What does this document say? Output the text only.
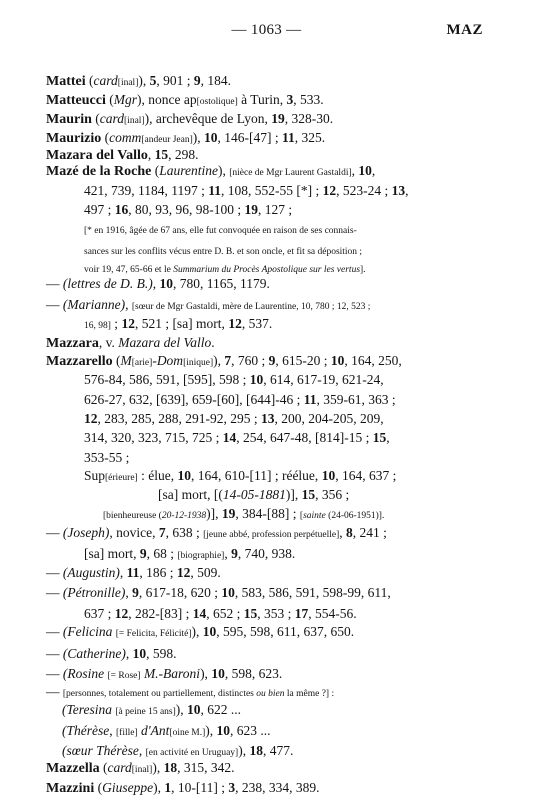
— 1063 —	MAZ
Mattei (card[inal]), 5, 901 ; 9, 184.
Matteucci (Mgr), nonce ap[ostolique] à Turin, 3, 533.
Maurin (card[inal]), archevêque de Lyon, 19, 328-30.
Maurizio (comm[andeur Jean]), 10, 146-[47] ; 11, 325.
Mazara del Vallo, 15, 298.
Mazé de la Roche (Laurentine), [nièce de Mgr Laurent Gastaldi], 10,
421, 739, 1184, 1197 ; 11, 108, 552-55 [*] ; 12, 523-24 ; 13,
497 ; 16, 80, 93, 96, 98-100 ; 19, 127 ;
[* en 1916, âgée de 67 ans, elle fut convoquée en raison de ses connais-
sances sur les conflits vécus entre D. B. et son oncle, et fit sa déposition ;
voir 19, 47, 65-66 et le Summarium du Procès Apostolique sur les vertus].
— (lettres de D. B.), 10, 780, 1165, 1179.
— (Marianne), [sœur de Mgr Gastaldi, mère de Laurentine, 10, 780 ; 12, 523 ;
16, 98] ; 12, 521 ; [sa] mort, 12, 537.
Mazzara, v. Mazara del Vallo.
Mazzarello (M[arie]-Dom[inique]), 7, 760 ; 9, 615-20 ; 10, 164, 250,
576-84, 586, 591, [595], 598 ; 10, 614, 617-19, 621-24,
626-27, 632, [639], 659-[60], [644]-46 ; 11, 359-61, 363 ;
12, 283, 285, 288, 291-92, 295 ; 13, 200, 204-205, 209,
314, 320, 323, 715, 725 ; 14, 254, 647-48, [814]-15 ; 15,
353-55 ;
Sup[érieure] : élue, 10, 164, 610-[11] ; réélue, 10, 164, 637 ;
[sa] mort, [(14-05-1881)], 15, 356 ;
[bienheureuse (20-12-1938)], 19, 384-[88] ; [sainte (24-06-1951)].
— (Joseph), novice, 7, 638 ; [jeune abbé, profession perpétuelle], 8, 241 ;
[sa] mort, 9, 68 ; [biographie], 9, 740, 938.
— (Augustin), 11, 186 ; 12, 509.
— (Pétronille), 9, 617-18, 620 ; 10, 583, 586, 591, 598-99, 611,
637 ; 12, 282-[83] ; 14, 652 ; 15, 353 ; 17, 554-56.
— (Felicina [= Felicita, Félicité]), 10, 595, 598, 611, 637, 650.
— (Catherine), 10, 598.
— (Rosine [= Rose] M.-Baroni), 10, 598, 623.
— [personnes, totalement ou partiellement, distinctes ou bien la même ?] :
(Teresina [à peine 15 ans]), 10, 622 ...
(Thérèse, [fille] d'Ant[oine M.]), 10, 623 ...
(sœur Thérèse, [en activité en Uruguay]), 18, 477.
Mazzella (card[inal]), 18, 315, 342.
Mazzini (Giuseppe), 1, 10-[11] ; 3, 238, 334, 389.
